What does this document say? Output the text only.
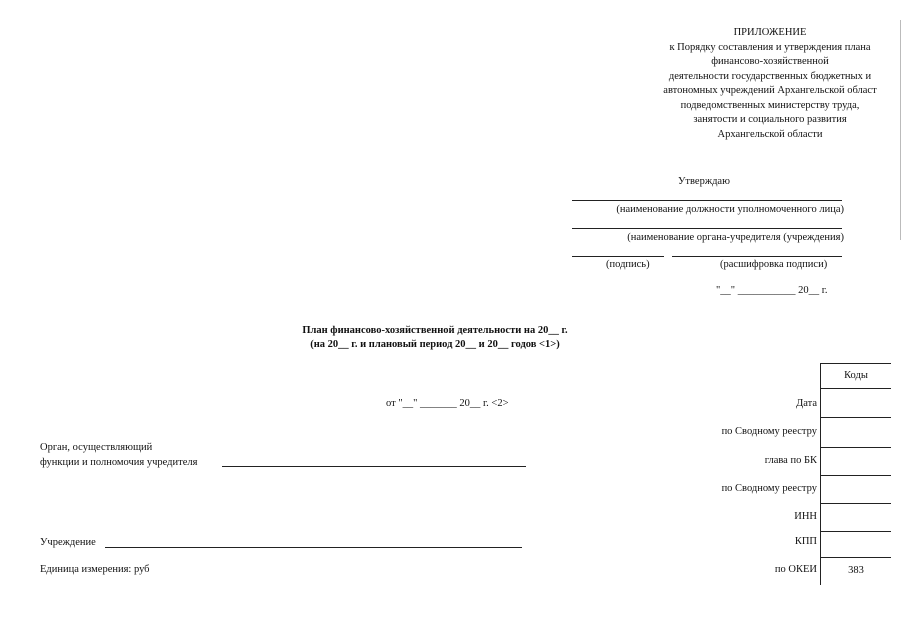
ПРИЛОЖЕНИЕ
к Порядку составления и утверждения плана
финансово-хозяйственной
деятельности государственных бюджетных и
автономных учреждений Архангельской област
подведомственных министерству труда,
занятости и социального развития
Архангельской области
Утверждаю
(наименование должности уполномоченного лица)
(наименование органа-учредителя (учреждения)
(подпись)	(расшифровка подписи)
"__" ___________ 20__ г.
План финансово-хозяйственной деятельности на 20__ г.
(на 20__ г. и плановый период 20__ и 20__ годов <1>)
от "__" _______ 20__ г. <2>
Орган, осуществляющий
функции и полномочия учредителя
Учреждение
Единица измерения: руб
Коды
383
Дата
по Сводному реестру
глава по БК
по Сводному реестру
ИНН
КПП
по ОКЕИ
